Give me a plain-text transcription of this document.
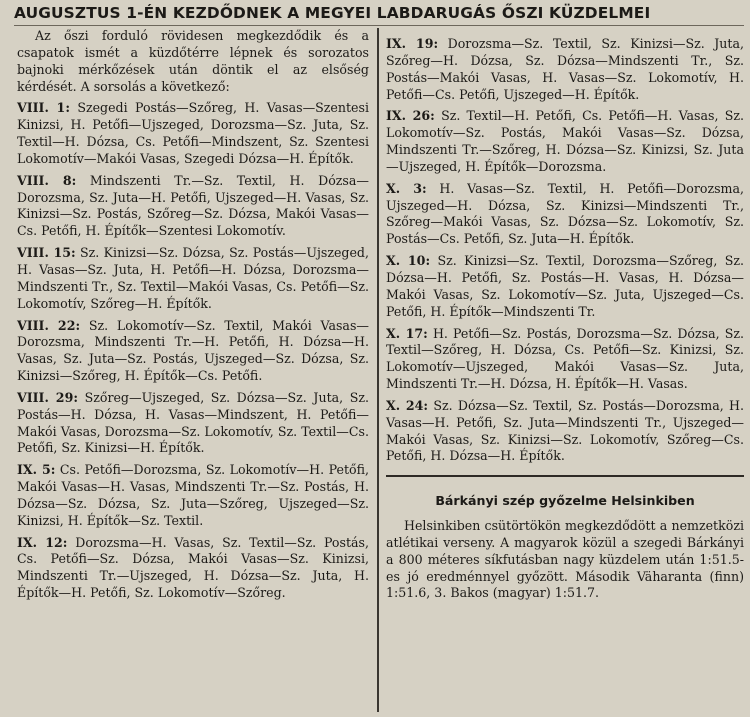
AUGUSZTUS 1-ÉN KEZDŐDNEK A MEGYEI LABDARUGÁS ŐSZI KÜZDELMEI

Az őszi forduló rövidesen megkezdődik és a csapatok ismét a küzdőtérre lépnek és sorozatos bajnoki mérkőzések után döntik el az elsőség kérdését. A sorsolás a következő:

VIII. 1: Szegedi Postás—Szőreg, H. Vasas—Szentesi Kinizsi, H. Petőfi—Ujszeged, Dorozsma—Sz. Juta, Sz. Textil—H. Dózsa, Cs. Petőfi—Mindszent, Sz. Szentesi Lokomotív—Makói Vasas, Szegedi Dózsa—H. Építők.

VIII. 8: Mindszenti Tr.—Sz. Textil, H. Dózsa—Dorozsma, Sz. Juta—H. Petőfi, Ujszeged—H. Vasas, Sz. Kinizsi—Sz. Postás, Szőreg—Sz. Dózsa, Makói Vasas—Cs. Petőfi, H. Építők—Szentesi Lokomotív.

VIII. 15: Sz. Kinizsi—Sz. Dózsa, Sz. Postás—Ujszeged, H. Vasas—Sz. Juta, H. Petőfi—H. Dózsa, Dorozsma—Mindszenti Tr., Sz. Textil—Makói Vasas, Cs. Petőfi—Sz. Lokomotív, Szőreg—H. Építők.

VIII. 22: Sz. Lokomotív—Sz. Textil, Makói Vasas—Dorozsma, Mindszenti Tr.—H. Petőfi, H. Dózsa—H. Vasas, Sz. Juta—Sz. Postás, Ujszeged—Sz. Dózsa, Sz. Kinizsi—Szőreg, H. Építők—Cs. Petőfi.

VIII. 29: Szőreg—Ujszeged, Sz. Dózsa—Sz. Juta, Sz. Postás—H. Dózsa, H. Vasas—Mindszent, H. Petőfi—Makói Vasas, Dorozsma—Sz. Lokomotív, Sz. Textil—Cs. Petőfi, Sz. Kinizsi—H. Építők.

IX. 5: Cs. Petőfi—Dorozsma, Sz. Lokomotív—H. Petőfi, Makói Vasas—H. Vasas, Mindszenti Tr.—Sz. Postás, H. Dózsa—Sz. Dózsa, Sz. Juta—Szőreg, Ujszeged—Sz. Kinizsi, H. Építők—Sz. Textil.

IX. 12: Dorozsma—H. Vasas, Sz. Textil—Sz. Postás, Cs. Petőfi—Sz. Dózsa, Makói Vasas—Sz. Kinizsi, Mindszenti Tr.—Ujszeged, H. Dózsa—Sz. Juta, H. Építők—H. Petőfi, Sz. Lokomotív—Szőreg.

IX. 19: Dorozsma—Sz. Textil, Sz. Kinizsi—Sz. Juta, Szőreg—H. Dózsa, Sz. Dózsa—Mindszenti Tr., Sz. Postás—Makói Vasas, H. Vasas—Sz. Lokomotív, H. Petőfi—Cs. Petőfi, Ujszeged—H. Építők.

IX. 26: Sz. Textil—H. Petőfi, Cs. Petőfi—H. Vasas, Sz. Lokomotív—Sz. Postás, Makói Vasas—Sz. Dózsa, Mindszenti Tr.—Szőreg, H. Dózsa—Sz. Kinizsi, Sz. Juta—Ujszeged, H. Építők—Dorozsma.

X. 3: H. Vasas—Sz. Textil, H. Petőfi—Dorozsma, Ujszeged—H. Dózsa, Sz. Kinizsi—Mindszenti Tr., Szőreg—Makói Vasas, Sz. Dózsa—Sz. Lokomotív, Sz. Postás—Cs. Petőfi, Sz. Juta—H. Építők.

X. 10: Sz. Kinizsi—Sz. Textil, Dorozsma—Szőreg, Sz. Dózsa—H. Petőfi, Sz. Postás—H. Vasas, H. Dózsa—Makói Vasas, Sz. Lokomotív—Sz. Juta, Ujszeged—Cs. Petőfi, H. Építők—Mindszenti Tr.

X. 17: H. Petőfi—Sz. Postás, Dorozsma—Sz. Dózsa, Sz. Textil—Szőreg, H. Dózsa, Cs. Petőfi—Sz. Kinizsi, Sz. Lokomotív—Ujszeged, Makói Vasas—Sz. Juta, Mindszenti Tr.—H. Dózsa, H. Építők—H. Vasas.

X. 24: Sz. Dózsa—Sz. Textil, Sz. Postás—Dorozsma, H. Vasas—H. Petőfi, Sz. Juta—Mindszenti Tr., Ujszeged—Makói Vasas, Sz. Kinizsi—Sz. Lokomotív, Szőreg—Cs. Petőfi, H. Dózsa—H. Építők.

Bárkányi szép győzelme Helsinkiben

Helsinkiben csütörtökön megkezdődött a nemzetközi atlétikai verseny. A magyarok közül a szegedi Bárkányi a 800 méteres síkfutásban nagy küzdelem után 1:51.5-es jó eredménnyel győzött. Második Väharanta (finn) 1:51.6, 3. Bakos (magyar) 1:51.7.
